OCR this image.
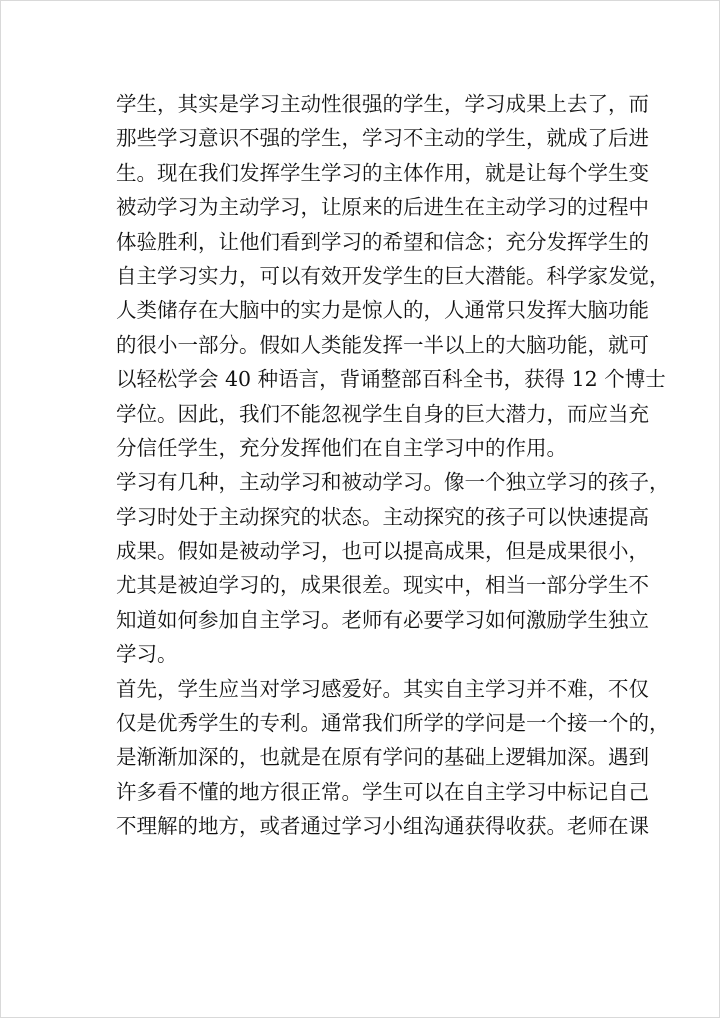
学生，其实是学习主动性很强的学生，学习成果上去了，而
那些学习意识不强的学生，学习不主动的学生，就成了后进
生。现在我们发挥学生学习的主体作用，就是让每个学生变
被动学习为主动学习，让原来的后进生在主动学习的过程中
体验胜利，让他们看到学习的希望和信念；充分发挥学生的
自主学习实力，可以有效开发学生的巨大潜能。科学家发觉，
人类储存在大脑中的实力是惊人的，人通常只发挥大脑功能
的很小一部分。假如人类能发挥一半以上的大脑功能，就可
以轻松学会 40 种语言，背诵整部百科全书，获得 12 个博士
学位。因此，我们不能忽视学生自身的巨大潜力，而应当充
分信任学生，充分发挥他们在自主学习中的作用。
学习有几种，主动学习和被动学习。像一个独立学习的孩子，
学习时处于主动探究的状态。主动探究的孩子可以快速提高
成果。假如是被动学习，也可以提高成果，但是成果很小，
尤其是被迫学习的，成果很差。现实中，相当一部分学生不
知道如何参加自主学习。老师有必要学习如何激励学生独立
学习。
首先，学生应当对学习感爱好。其实自主学习并不难，不仅
仅是优秀学生的专利。通常我们所学的学问是一个接一个的，
是渐渐加深的，也就是在原有学问的基础上逻辑加深。遇到
许多看不懂的地方很正常。学生可以在自主学习中标记自己
不理解的地方，或者通过学习小组沟通获得收获。老师在课
